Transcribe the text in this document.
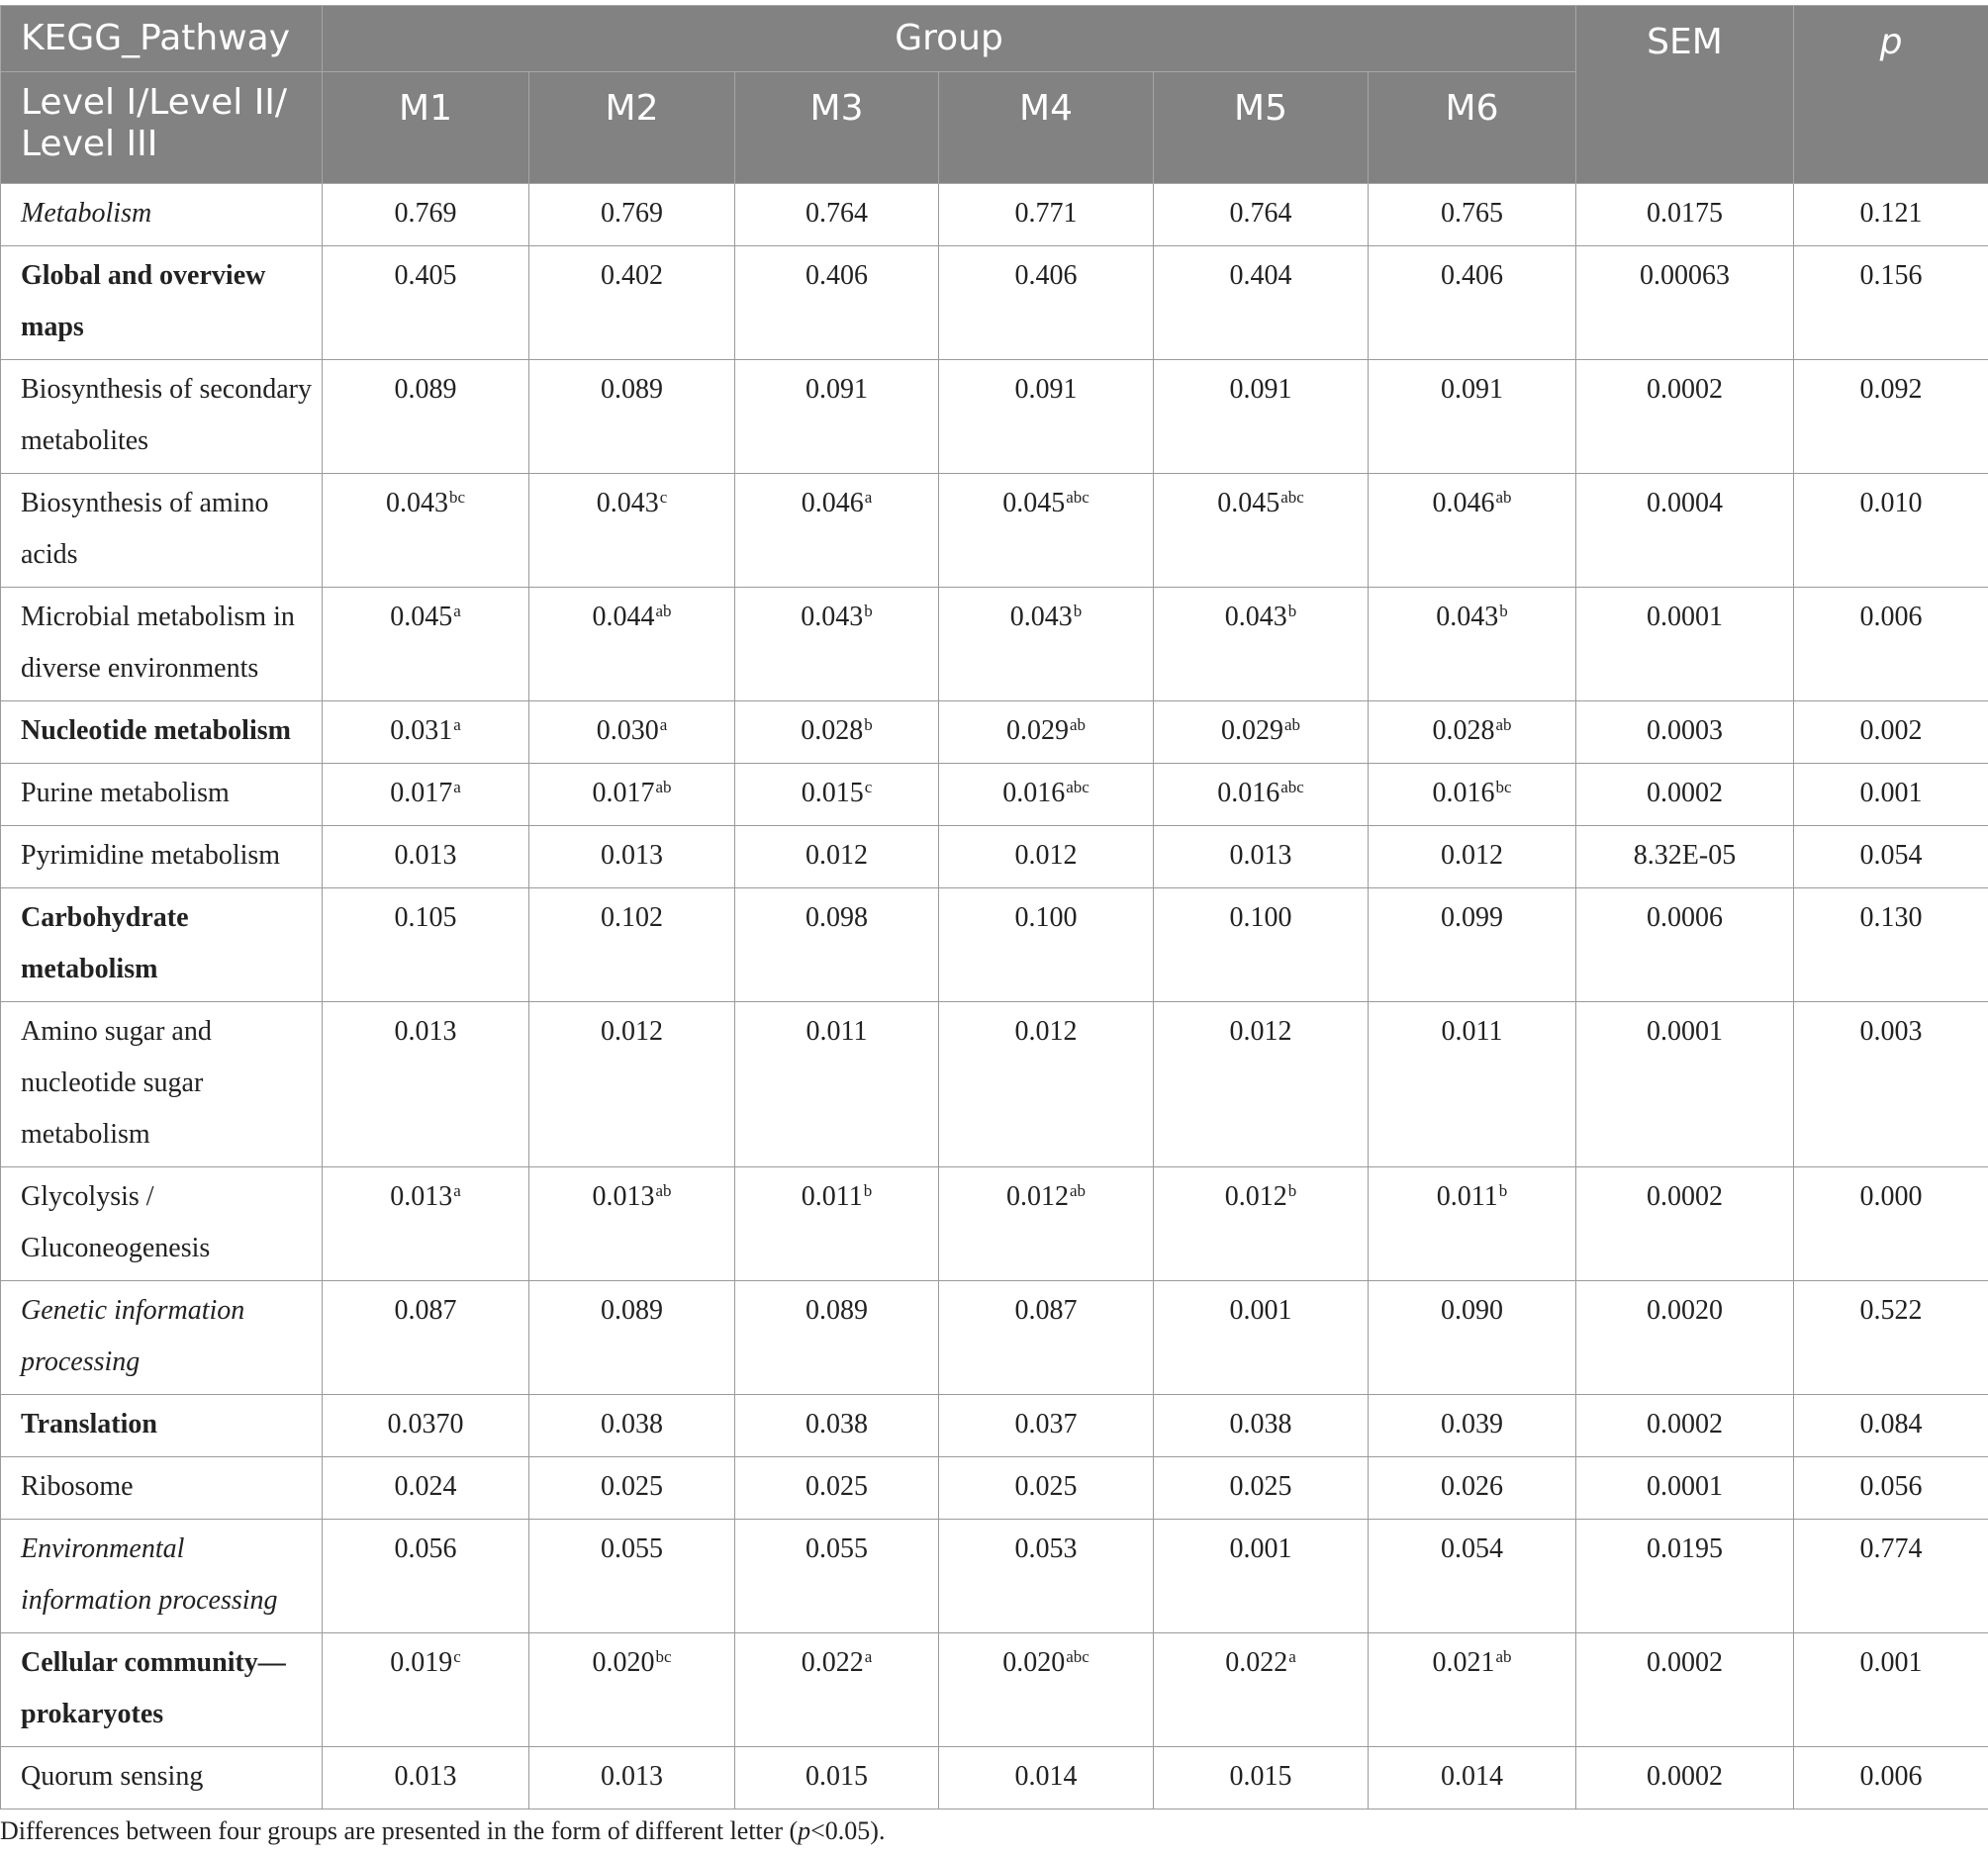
KEGG_Pathway	Group						SEM	p
Level I/Level II/ Level III	M1	M2	M3	M4	M5	M6		
Metabolism	0.769	0.769	0.764	0.771	0.764	0.765	0.0175	0.121
Global and overview maps	0.405	0.402	0.406	0.406	0.404	0.406	0.00063	0.156
Biosynthesis of secondary metabolites	0.089	0.089	0.091	0.091	0.091	0.091	0.0002	0.092
Biosynthesis of amino acids	0.043$^{bc}$	0.043$^c$	0.046$^a$	0.045$^{abc}$	0.045$^{abc}$	0.046$^{ab}$	0.0004	0.010
Microbial metabolism in diverse environments	0.045$^a$	0.044$^{ab}$	0.043$^b$	0.043$^b$	0.043$^b$	0.043$^b$	0.0001	0.006
Nucleotide metabolism	0.031$^a$	0.030$^a$	0.028$^b$	0.029$^{ab}$	0.029$^{ab}$	0.028$^{ab}$	0.0003	0.002
Purine metabolism	0.017$^a$	0.017$^{ab}$	0.015$^c$	0.016$^{abc}$	0.016$^{abc}$	0.016$^{bc}$	0.0002	0.001
Pyrimidine metabolism	0.013	0.013	0.012	0.012	0.013	0.012	8.32E-05	0.054
Carbohydrate metabolism	0.105	0.102	0.098	0.100	0.100	0.099	0.0006	0.130
Amino sugar and nucleotide sugar metabolism	0.013	0.012	0.011	0.012	0.012	0.011	0.0001	0.003
Glycolysis / Gluconeogenesis	0.013$^a$	0.013$^{ab}$	0.011$^b$	0.012$^{ab}$	0.012$^b$	0.011$^b$	0.0002	0.000
Genetic information processing	0.087	0.089	0.089	0.087	0.001	0.090	0.0020	0.522
Translation	0.0370	0.038	0.038	0.037	0.038	0.039	0.0002	0.084
Ribosome	0.024	0.025	0.025	0.025	0.025	0.026	0.0001	0.056
Environmental information processing	0.056	0.055	0.055	0.053	0.001	0.054	0.0195	0.774
Cellular community—prokaryotes	0.019$^c$	0.020$^{bc}$	0.022$^a$	0.020$^{abc}$	0.022$^a$	0.021$^{ab}$	0.0002	0.001
Quorum sensing	0.013	0.013	0.015	0.014	0.015	0.014	0.0002	0.006

Differences between four groups are presented in the form of different letter (p<0.05).
